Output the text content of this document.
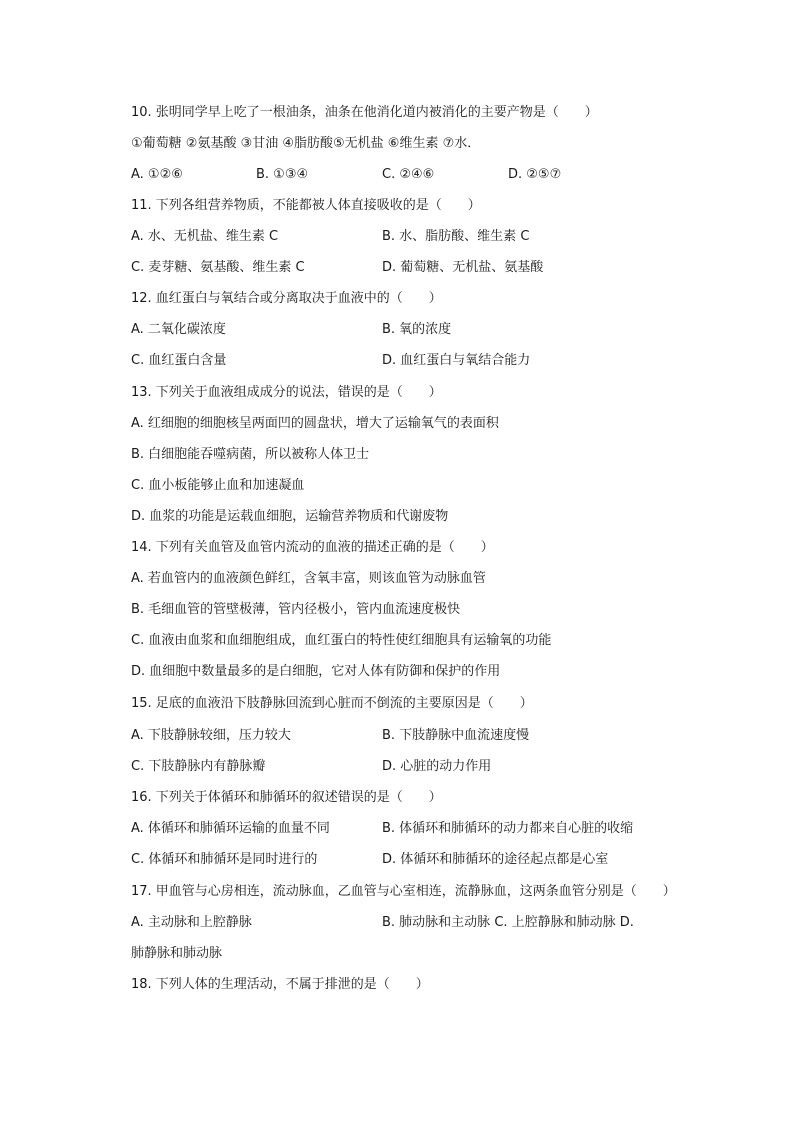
10. 张明同学早上吃了一根油条，油条在他消化道内被消化的主要产物是（　　）
①葡萄糖 ②氨基酸 ③甘油 ④脂肪酸⑤无机盐 ⑥维生素 ⑦水．
A. ①②⑥	B. ①③④	C. ②④⑥	D. ②⑤⑦
11. 下列各组营养物质，不能都被人体直接吸收的是（　　）
A. 水、无机盐、维生素 C	B. 水、脂肪酸、维生素 C
C. 麦芽糖、氨基酸、维生素 C	D. 葡萄糖、无机盐、氨基酸
12. 血红蛋白与氧结合或分离取决于血液中的（　　）
A. 二氧化碳浓度	B. 氧的浓度
C. 血红蛋白含量	D. 血红蛋白与氧结合能力
13. 下列关于血液组成成分的说法，错误的是（　　）
A. 红细胞的细胞核呈两面凹的圆盘状，增大了运输氧气的表面积
B. 白细胞能吞噬病菌，所以被称人体卫士
C. 血小板能够止血和加速凝血
D. 血浆的功能是运载血细胞，运输营养物质和代谢废物
14. 下列有关血管及血管内流动的血液的描述正确的是（　　）
A. 若血管内的血液颜色鲜红，含氧丰富，则该血管为动脉血管
B. 毛细血管的管壁极薄，管内径极小，管内血流速度极快
C. 血液由血浆和血细胞组成，血红蛋白的特性使红细胞具有运输氧的功能
D. 血细胞中数量最多的是白细胞，它对人体有防御和保护的作用
15. 足底的血液沿下肢静脉回流到心脏而不倒流的主要原因是（　　）
A. 下肢静脉较细，压力较大	B. 下肢静脉中血流速度慢
C. 下肢静脉内有静脉瓣	D. 心脏的动力作用
16. 下列关于体循环和肺循环的叙述错误的是（　　）
A. 体循环和肺循环运输的血量不同	B. 体循环和肺循环的动力都来自心脏的收缩
C. 体循环和肺循环是同时进行的	D. 体循环和肺循环的途径起点都是心室
17. 甲血管与心房相连，流动脉血，乙血管与心室相连，流静脉血，这两条血管分别是（　　）
A. 主动脉和上腔静脉	B. 肺动脉和主动脉 C. 上腔静脉和肺动脉 D.
肺静脉和肺动脉
18. 下列人体的生理活动，不属于排泄的是（　　）
